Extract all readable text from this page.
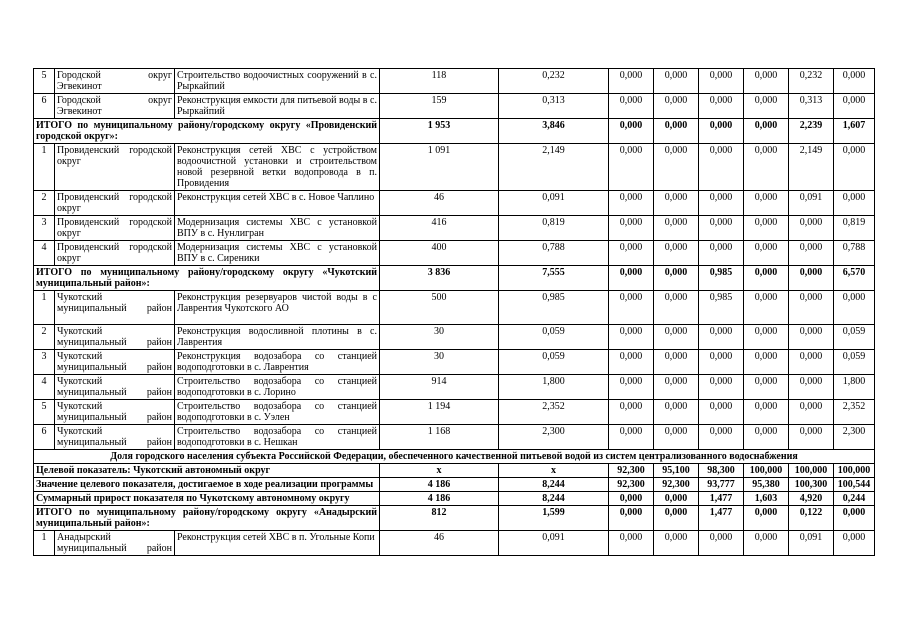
5	Городской округ Эгвекинот	Строительство водоочистных сооружений в с. Рыркайпий	118	0,232	0,000	0,000	0,000	0,000	0,232	0,000
6	Городской округ Эгвекинот	Реконструкция емкости для питьевой воды в с. Рыркайпий	159	0,313	0,000	0,000	0,000	0,000	0,313	0,000
ИТОГО по муниципальному району/городскому округу «Провиденский городской округ»:			1 953	3,846	0,000	0,000	0,000	0,000	2,239	1,607
1	Провиденский городской округ	Реконструкция сетей ХВС с устройством водоочистной установки и строительством новой резервной ветки водопровода в п. Провидения	1 091	2,149	0,000	0,000	0,000	0,000	2,149	0,000
2	Провиденский городской округ	Реконструкция сетей ХВС в с. Новое Чаплино	46	0,091	0,000	0,000	0,000	0,000	0,091	0,000
3	Провиденский городской округ	Модернизация системы ХВС с установкой ВПУ в с. Нунлигран	416	0,819	0,000	0,000	0,000	0,000	0,000	0,819
4	Провиденский городской округ	Модернизация системы ХВС с установкой ВПУ в с. Сиреники	400	0,788	0,000	0,000	0,000	0,000	0,000	0,788
ИТОГО по муниципальному району/городскому округу «Чукотский муниципальный район»:			3 836	7,555	0,000	0,000	0,985	0,000	0,000	6,570
1	Чукотский муниципальный район	Реконструкция резервуаров чистой воды в с Лаврентия Чукотского АО	500	0,985	0,000	0,000	0,985	0,000	0,000	0,000
2	Чукотский муниципальный район	Реконструкция водосливной плотины в с. Лаврентия	30	0,059	0,000	0,000	0,000	0,000	0,000	0,059
3	Чукотский муниципальный район	Реконструкция водозабора со станцией водоподготовки в с. Лаврентия	30	0,059	0,000	0,000	0,000	0,000	0,000	0,059
4	Чукотский муниципальный район	Строительство водозабора со станцией водоподготовки в с. Лорино	914	1,800	0,000	0,000	0,000	0,000	0,000	1,800
5	Чукотский муниципальный район	Строительство водозабора со станцией водоподготовки в с. Уэлен	1 194	2,352	0,000	0,000	0,000	0,000	0,000	2,352
6	Чукотский муниципальный район	Строительство водозабора со станцией водоподготовки в с. Нешкан	1 168	2,300	0,000	0,000	0,000	0,000	0,000	2,300
Доля городского населения субъекта Российской Федерации, обеспеченного качественной питьевой водой из систем централизованного водоснабжения										
Целевой показатель: Чукотский автономный округ			х	х	92,300	95,100	98,300	100,000	100,000	100,000
Значение целевого показателя, достигаемое в ходе реализации программы			4 186	8,244	92,300	92,300	93,777	95,380	100,300	100,544
Суммарный прирост показателя по Чукотскому автономному округу			4 186	8,244	0,000	0,000	1,477	1,603	4,920	0,244
ИТОГО по муниципальному району/городскому округу «Анадырский муниципальный район»:			812	1,599	0,000	0,000	1,477	0,000	0,122	0,000
1	Анадырский муниципальный район	Реконструкция сетей ХВС в п. Угольные Копи	46	0,091	0,000	0,000	0,000	0,000	0,091	0,000
